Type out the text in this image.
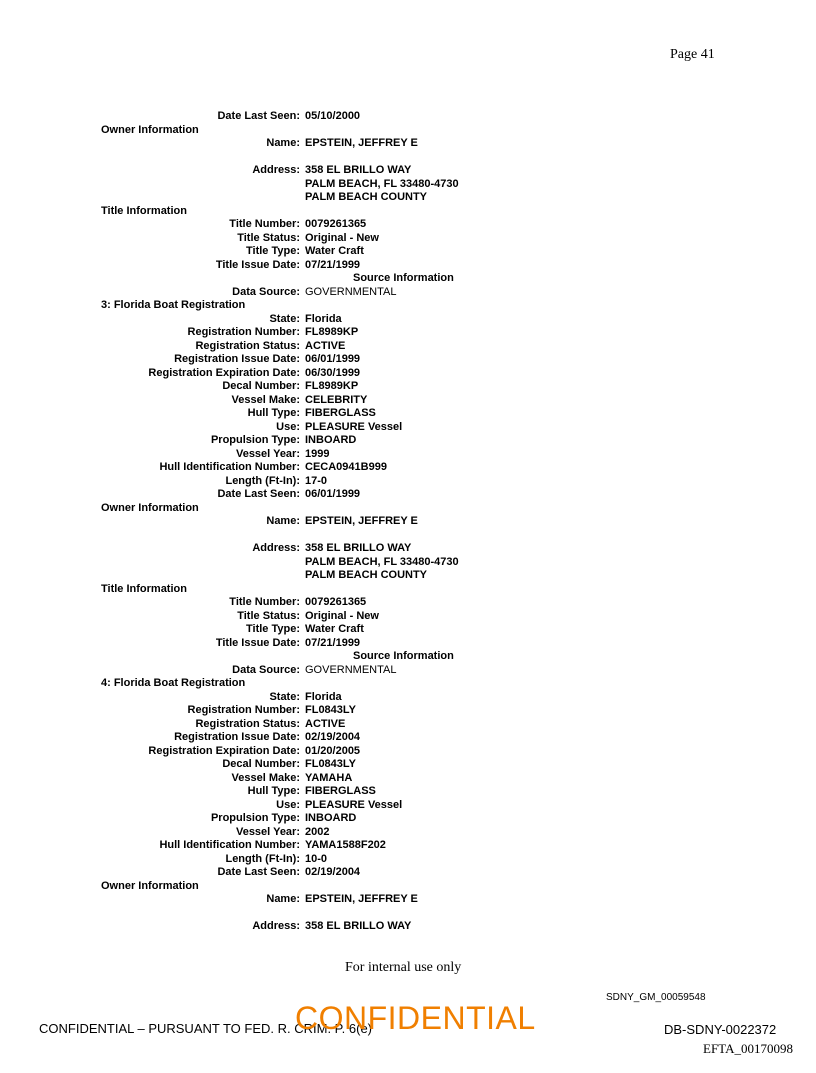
Page 41
Date Last Seen: 05/10/2000
Owner Information
Name: EPSTEIN, JEFFREY E
Address: 358 EL BRILLO WAY
PALM BEACH, FL 33480-4730
PALM BEACH COUNTY
Title Information
Title Number: 0079261365
Title Status: Original - New
Title Type: Water Craft
Title Issue Date: 07/21/1999
Source Information
Data Source: GOVERNMENTAL
3: Florida Boat Registration
State: Florida
Registration Number: FL8989KP
Registration Status: ACTIVE
Registration Issue Date: 06/01/1999
Registration Expiration Date: 06/30/1999
Decal Number: FL8989KP
Vessel Make: CELEBRITY
Hull Type: FIBERGLASS
Use: PLEASURE Vessel
Propulsion Type: INBOARD
Vessel Year: 1999
Hull Identification Number: CECA0941B999
Length (Ft-In): 17-0
Date Last Seen: 06/01/1999
Owner Information
Name: EPSTEIN, JEFFREY E
Address: 358 EL BRILLO WAY
PALM BEACH, FL 33480-4730
PALM BEACH COUNTY
Title Information
Title Number: 0079261365
Title Status: Original - New
Title Type: Water Craft
Title Issue Date: 07/21/1999
Source Information
Data Source: GOVERNMENTAL
4: Florida Boat Registration
State: Florida
Registration Number: FL0843LY
Registration Status: ACTIVE
Registration Issue Date: 02/19/2004
Registration Expiration Date: 01/20/2005
Decal Number: FL0843LY
Vessel Make: YAMAHA
Hull Type: FIBERGLASS
Use: PLEASURE Vessel
Propulsion Type: INBOARD
Vessel Year: 2002
Hull Identification Number: YAMA1588F202
Length (Ft-In): 10-0
Date Last Seen: 02/19/2004
Owner Information
Name: EPSTEIN, JEFFREY E
Address: 358 EL BRILLO WAY
For internal use only
SDNY_GM_00059548
CONFIDENTIAL – PURSUANT TO FED. R. CRIM. P. 6(e)
CONFIDENTIAL	DB-SDNY-0022372
EFTA_00170098
